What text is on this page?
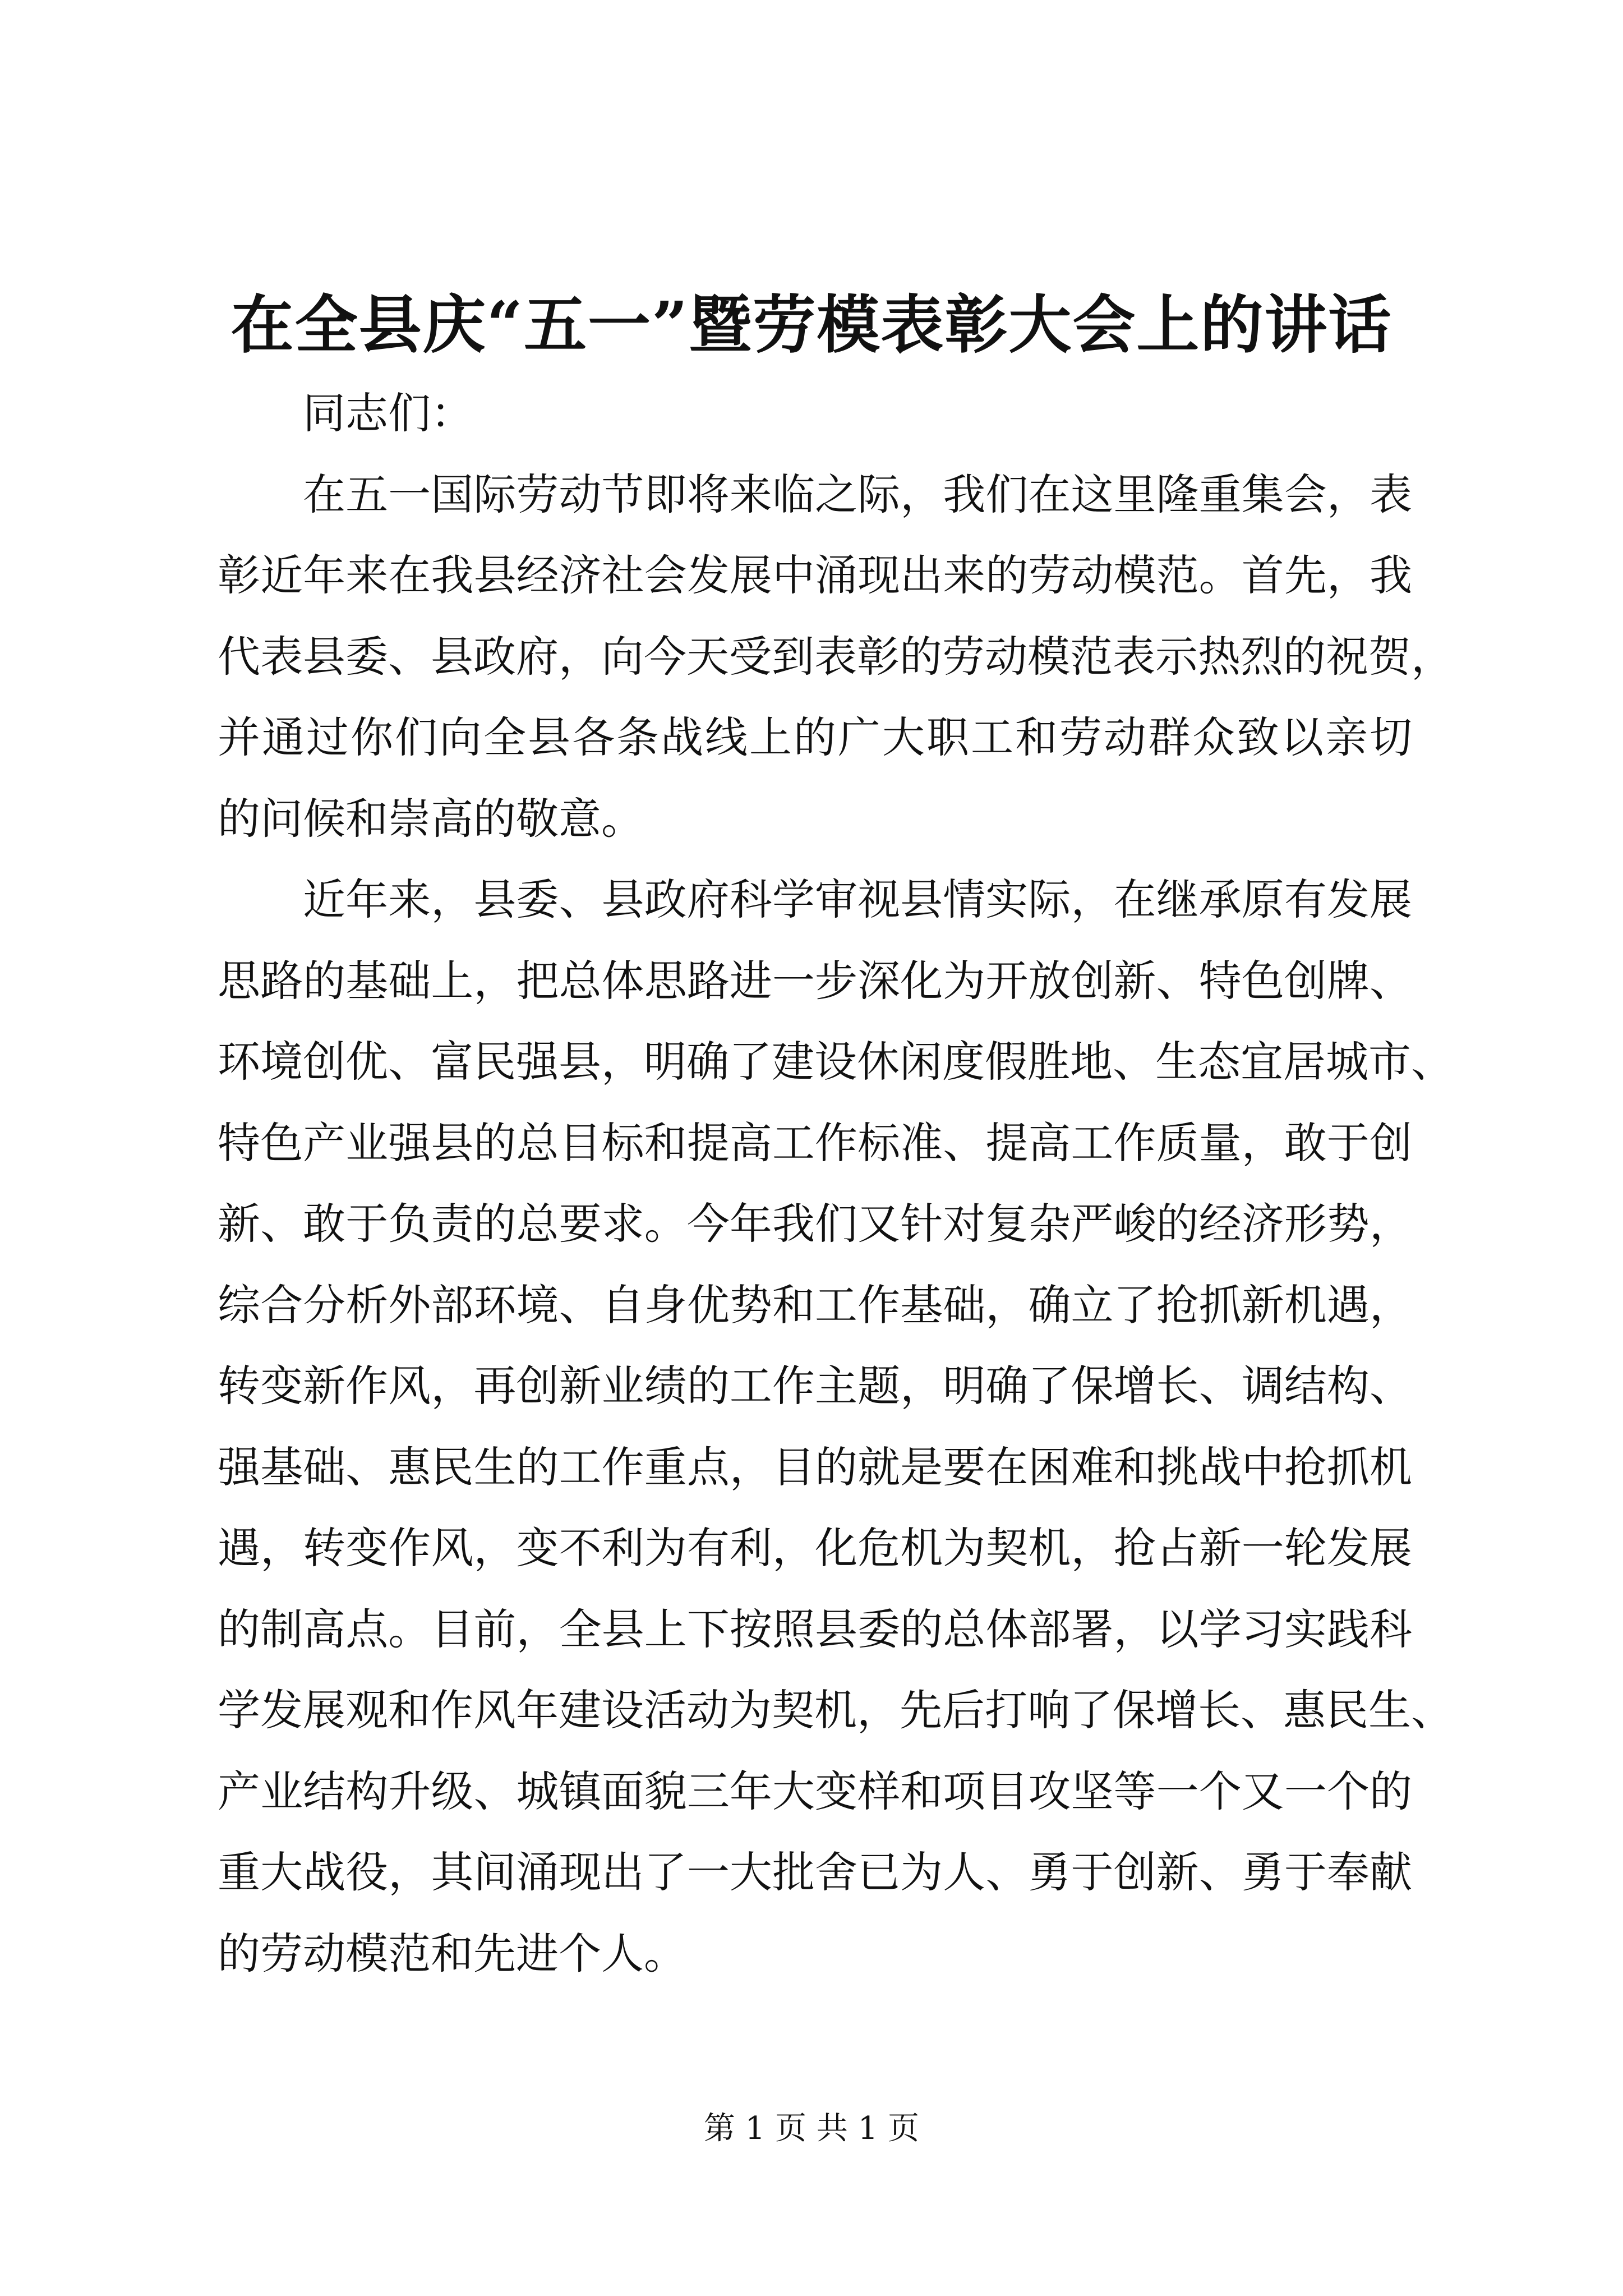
在全县庆“五一”暨劳模表彰大会上的讲话
同志们：
在五一国际劳动节即将来临之际，我们在这里隆重集会，表
彰近年来在我县经济社会发展中涌现出来的劳动模范。首先，我
代表县委、县政府，向今天受到表彰的劳动模范表示热烈的祝贺，
并通过你们向全县各条战线上的广大职工和劳动群众致以亲切
的问候和崇高的敬意。
近年来，县委、县政府科学审视县情实际，在继承原有发展
思路的基础上，把总体思路进一步深化为开放创新、特色创牌、
环境创优、富民强县，明确了建设休闲度假胜地、生态宜居城市、
特色产业强县的总目标和提高工作标准、提高工作质量，敢于创
新、敢于负责的总要求。今年我们又针对复杂严峻的经济形势，
综合分析外部环境、自身优势和工作基础，确立了抢抓新机遇，
转变新作风，再创新业绩的工作主题，明确了保增长、调结构、
强基础、惠民生的工作重点，目的就是要在困难和挑战中抢抓机
遇，转变作风，变不利为有利，化危机为契机，抢占新一轮发展
的制高点。目前，全县上下按照县委的总体部署，以学习实践科
学发展观和作风年建设活动为契机，先后打响了保增长、惠民生、
产业结构升级、城镇面貌三年大变样和项目攻坚等一个又一个的
重大战役，其间涌现出了一大批舍已为人、勇于创新、勇于奉献
的劳动模范和先进个人。
第 1 页 共 1 页
